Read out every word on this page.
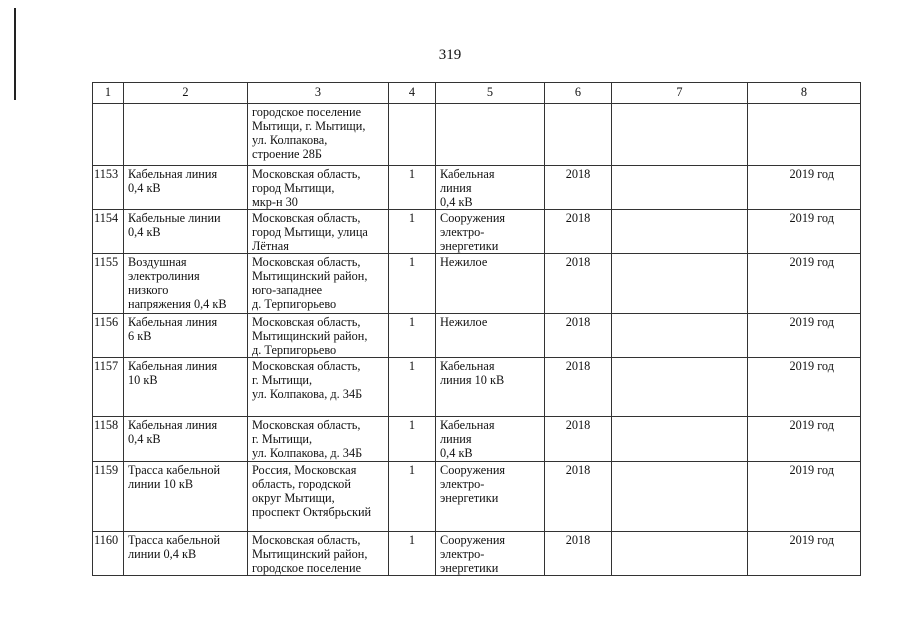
319
1	2	3	4	5	6	7	8

		городское поселение
Мытищи, г. Мытищи,
ул. Колпакова,
строение 28Б					

1153	Кабельная линия
0,4 кВ	Московская область,
город Мытищи,
мкр-н 30	1	Кабельная
линия
0,4 кВ	2018		2019 год
1154	Кабельные линии
0,4 кВ	Московская область,
город Мытищи, улица
Лётная	1	Сооружения
электро-
энергетики	2018		2019 год
1155	Воздушная
электролиния
низкого
напряжения 0,4 кВ	Московская область,
Мытищинский район,
юго-западнее
д. Терпигорьево	1	Нежилое	2018		2019 год
1156	Кабельная линия
6 кВ	Московская область,
Мытищинский район,
д. Терпигорьево	1	Нежилое	2018		2019 год
1157	Кабельная линия
10 кВ	Московская область,
г. Мытищи,
ул. Колпакова, д. 34Б	1	Кабельная
линия 10 кВ	2018		2019 год
1158	Кабельная линия
0,4 кВ	Московская область,
г. Мытищи,
ул. Колпакова, д. 34Б	1	Кабельная
линия
0,4 кВ	2018		2019 год
1159	Трасса кабельной
линии 10 кВ	Россия, Московская
область, городской
округ Мытищи,
проспект Октябрьский	1	Сооружения
электро-
энергетики	2018		2019 год
1160	Трасса кабельной
линии 0,4 кВ	Московская область,
Мытищинский район,
городское поселение	1	Сооружения
электро-
энергетики	2018		2019 год
